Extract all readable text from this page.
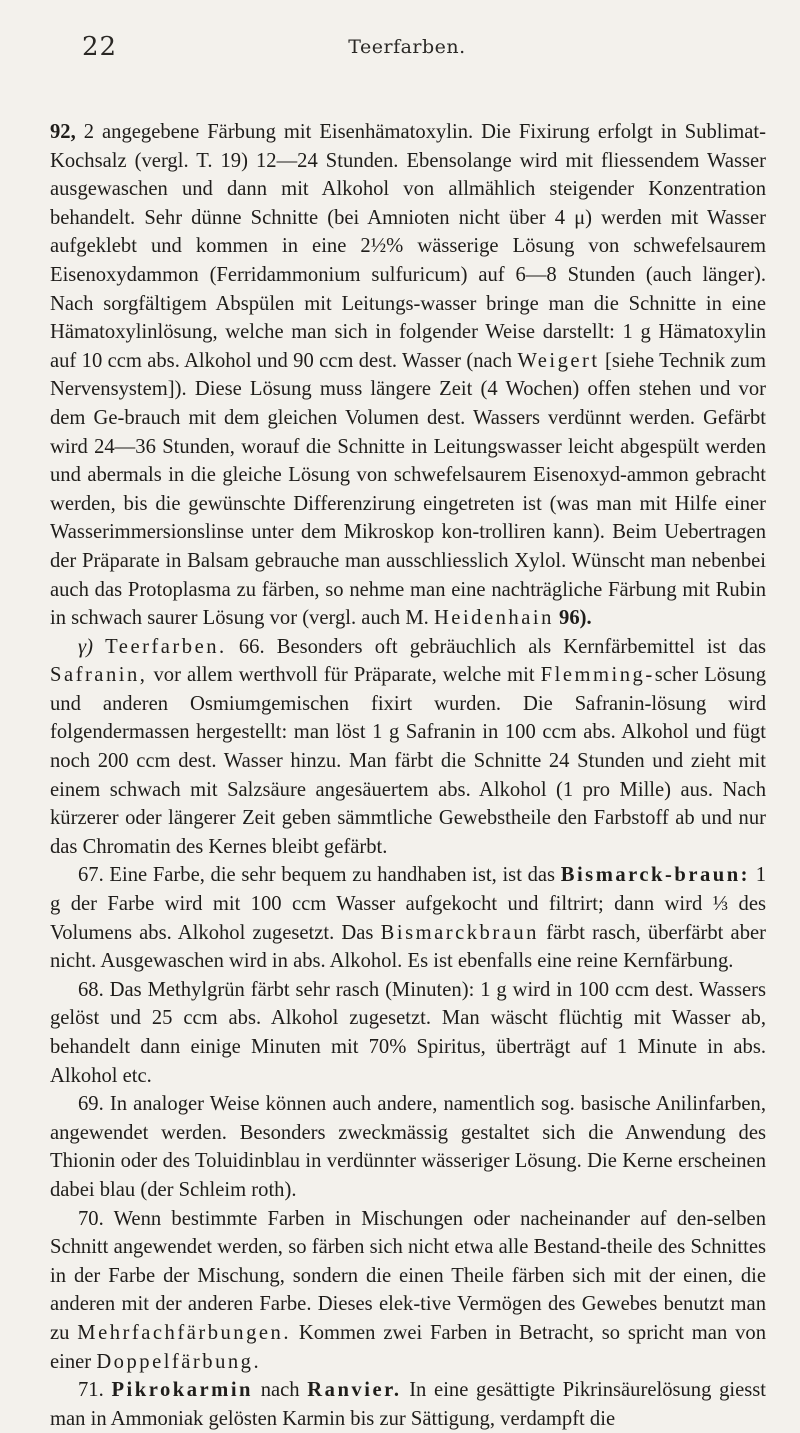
22	Teerfarben.

92, 2 angegebene Färbung mit Eisenhämatoxylin. Die Fixirung erfolgt in Sublimat-Kochsalz (vergl. T. 19) 12—24 Stunden. Ebensolange wird mit fliessendem Wasser ausgewaschen und dann mit Alkohol von allmählich steigender Konzentration behandelt. Sehr dünne Schnitte (bei Amnioten nicht über 4 μ) werden mit Wasser aufgeklebt und kommen in eine 2½% wässerige Lösung von schwefelsaurem Eisenoxydammon (Ferridammonium sulfuricum) auf 6—8 Stunden (auch länger). Nach sorgfältigem Abspülen mit Leitungs-wasser bringe man die Schnitte in eine Hämatoxylinlösung, welche man sich in folgender Weise darstellt: 1 g Hämatoxylin auf 10 ccm abs. Alkohol und 90 ccm dest. Wasser (nach Weigert [siehe Technik zum Nervensystem]). Diese Lösung muss längere Zeit (4 Wochen) offen stehen und vor dem Ge-brauch mit dem gleichen Volumen dest. Wassers verdünnt werden. Gefärbt wird 24—36 Stunden, worauf die Schnitte in Leitungswasser leicht abgespült werden und abermals in die gleiche Lösung von schwefelsaurem Eisenoxyd-ammon gebracht werden, bis die gewünschte Differenzirung eingetreten ist (was man mit Hilfe einer Wasserimmersionslinse unter dem Mikroskop kon-trolliren kann). Beim Uebertragen der Präparate in Balsam gebrauche man ausschliesslich Xylol. Wünscht man nebenbei auch das Protoplasma zu färben, so nehme man eine nachträgliche Färbung mit Rubin in schwach saurer Lösung vor (vergl. auch M. Heidenhain 96).

γ) Teerfarben. 66. Besonders oft gebräuchlich als Kernfärbemittel ist das Safranin, vor allem werthvoll für Präparate, welche mit Flemming-scher Lösung und anderen Osmiumgemischen fixirt wurden. Die Safranin-lösung wird folgendermassen hergestellt: man löst 1 g Safranin in 100 ccm abs. Alkohol und fügt noch 200 ccm dest. Wasser hinzu. Man färbt die Schnitte 24 Stunden und zieht mit einem schwach mit Salzsäure angesäuertem abs. Alkohol (1 pro Mille) aus. Nach kürzerer oder längerer Zeit geben sämmtliche Gewebstheile den Farbstoff ab und nur das Chromatin des Kernes bleibt gefärbt.

67. Eine Farbe, die sehr bequem zu handhaben ist, ist das Bismarck-braun: 1 g der Farbe wird mit 100 ccm Wasser aufgekocht und filtrirt; dann wird ⅓ des Volumens abs. Alkohol zugesetzt. Das Bismarckbraun färbt rasch, überfärbt aber nicht. Ausgewaschen wird in abs. Alkohol. Es ist ebenfalls eine reine Kernfärbung.

68. Das Methylgrün färbt sehr rasch (Minuten): 1 g wird in 100 ccm dest. Wassers gelöst und 25 ccm abs. Alkohol zugesetzt. Man wäscht flüchtig mit Wasser ab, behandelt dann einige Minuten mit 70% Spiritus, überträgt auf 1 Minute in abs. Alkohol etc.

69. In analoger Weise können auch andere, namentlich sog. basische Anilinfarben, angewendet werden. Besonders zweckmässig gestaltet sich die Anwendung des Thionin oder des Toluidinblau in verdünnter wässeriger Lösung. Die Kerne erscheinen dabei blau (der Schleim roth).

70. Wenn bestimmte Farben in Mischungen oder nacheinander auf den-selben Schnitt angewendet werden, so färben sich nicht etwa alle Bestand-theile des Schnittes in der Farbe der Mischung, sondern die einen Theile färben sich mit der einen, die anderen mit der anderen Farbe. Dieses elek-tive Vermögen des Gewebes benutzt man zu Mehrfachfärbungen. Kommen zwei Farben in Betracht, so spricht man von einer Doppelfärbung.

71. Pikrokarmin nach Ranvier. In eine gesättigte Pikrinsäurelösung giesst man in Ammoniak gelösten Karmin bis zur Sättigung, verdampft die
